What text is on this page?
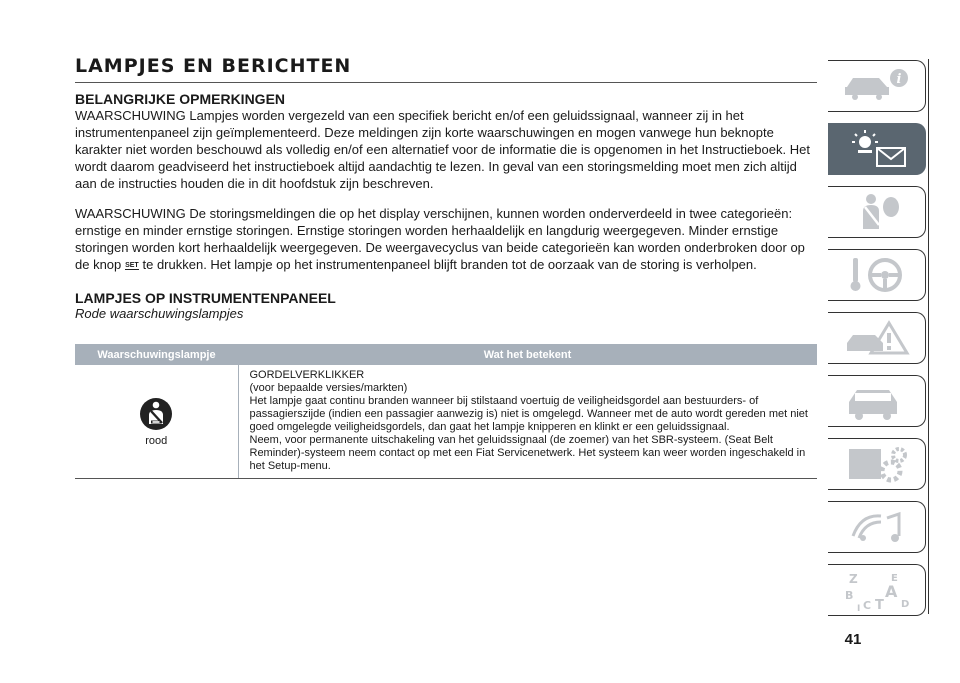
LAMPJES EN BERICHTEN
BELANGRIJKE OPMERKINGEN

WAARSCHUWING Lampjes worden vergezeld van een specifiek bericht en/of een geluidssignaal, wanneer zij in het instrumentenpaneel zijn geïmplementeerd. Deze meldingen zijn korte waarschuwingen en mogen vanwege hun beknopte karakter niet worden beschouwd als volledig en/of een alternatief voor de informatie die is opgenomen in het Instructieboek. Het wordt daarom geadviseerd het instructieboek altijd aandachtig te lezen. In geval van een storingsmelding moet men zich altijd aan de instructies houden die in dit hoofdstuk zijn beschreven.

WAARSCHUWING De storingsmeldingen die op het display verschijnen, kunnen worden onderverdeeld in twee categorieën: ernstige en minder ernstige storingen. Ernstige storingen worden herhaaldelijk en langdurig weergegeven. Minder ernstige storingen worden kort herhaaldelijk weergegeven. De weergavecyclus van beide categorieën kan worden onderbroken door op de knop SET te drukken. Het lampje op het instrumentenpaneel blijft branden tot de oorzaak van de storing is verholpen.

LAMPJES OP INSTRUMENTENPANEEL
Rode waarschuwingslampjes
Waarschuwingslampje	Wat het betekent

rood	GORDELVERKLIKKER
(voor bepaalde versies/markten)
Het lampje gaat continu branden wanneer bij stilstaand voertuig de veiligheidsgordel aan bestuurders- of passagierszijde (indien een passagier aanwezig is) niet is omgelegd. Wanneer met de auto wordt gereden met niet goed omgelegde veiligheidsgordels, dan gaat het lampje knipperen en klinkt er een geluidssignaal.
Neem, voor permanente uitschakeling van het geluidssignaal (de zoemer) van het SBR-systeem. (Seat Belt Reminder)-systeem neem contact op met een Fiat Servicenetwerk. Het systeem kan weer worden ingeschakeld in het Setup-menu.
i
Z	E
A
B
C	D
I T
41
